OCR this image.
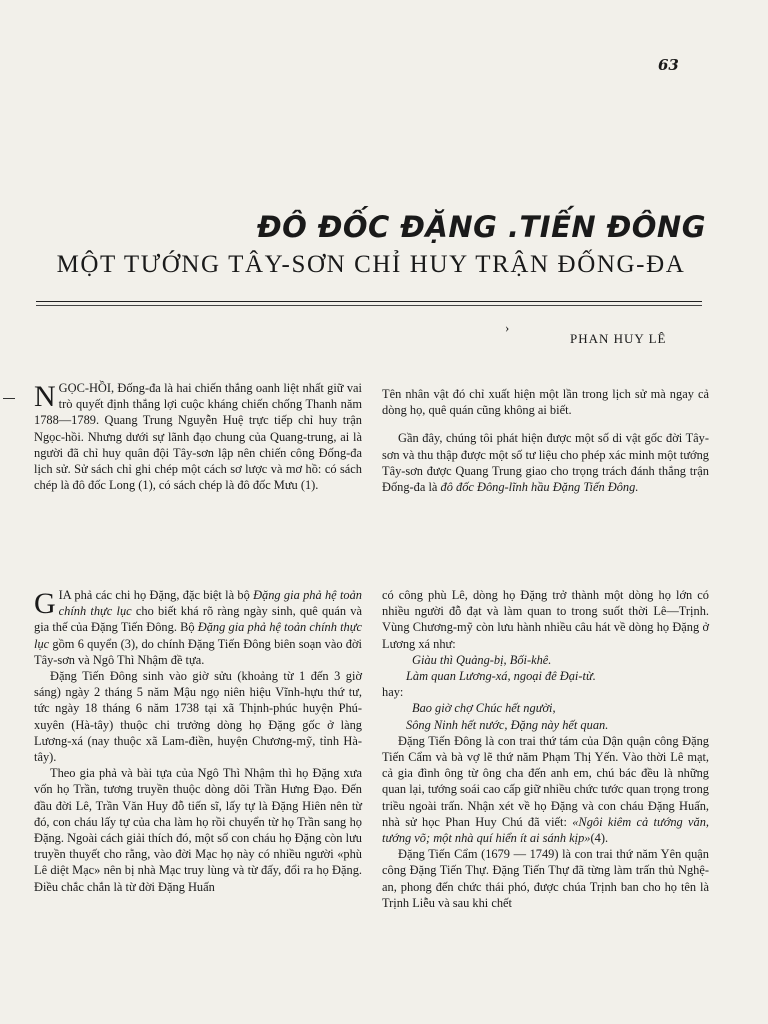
63
ĐÔ ĐỐC ĐẶNG .TIẾN ĐÔNG
MỘT TƯỚNG TÂY-SƠN CHỈ HUY TRẬN ĐỐNG-ĐA
›
PHAN HUY LÊ

NGỌC-HỒI, Đống-đa là hai chiến thắng oanh liệt nhất giữ vai trò quyết định thắng lợi cuộc kháng chiến chống Thanh năm 1788—1789. Quang Trung Nguyễn Huệ trực tiếp chỉ huy trận Ngọc-hồi. Nhưng dưới sự lãnh đạo chung của Quang-trung, ai là người đã chỉ huy quân đội Tây-sơn lập nên chiến công Đống-đa lịch sử. Sử sách chỉ ghi chép một cách sơ lược và mơ hồ: có sách chép là đô đốc Long (1), có sách chép là đô đốc Mưu (1).

Tên nhân vật đó chỉ xuất hiện một lần trong lịch sử mà ngay cả dòng họ, quê quán cũng không ai biết.

Gần đây, chúng tôi phát hiện được một số di vật gốc đời Tây-sơn và thu thập được một số tư liệu cho phép xác minh một tướng Tây-sơn được Quang Trung giao cho trọng trách đánh thắng trận Đống-đa là đô đốc Đông-lĩnh hầu Đặng Tiến Đông.

GIA phả các chi họ Đặng, đặc biệt là bộ Đặng gia phả hệ toản chính thực lục cho biết khá rõ ràng ngày sinh, quê quán và gia thế của Đặng Tiến Đông. Bộ Đặng gia phả hệ toản chính thực lục gồm 6 quyển (3), do chính Đặng Tiến Đông biên soạn vào đời Tây-sơn và Ngô Thì Nhậm đề tựa.

Đặng Tiến Đông sinh vào giờ sửu (khoảng từ 1 đến 3 giờ sáng) ngày 2 tháng 5 năm Mậu ngọ niên hiệu Vĩnh-hựu thứ tư, tức ngày 18 tháng 6 năm 1738 tại xã Thịnh-phúc huyện Phú-xuyên (Hà-tây) thuộc chi trưởng dòng họ Đặng gốc ở làng Lương-xá (nay thuộc xã Lam-điền, huyện Chương-mỹ, tỉnh Hà-tây).

Theo gia phả và bài tựa của Ngô Thì Nhậm thì họ Đặng xưa vốn họ Trần, tương truyền thuộc dòng dõi Trần Hưng Đạo. Đến đầu đời Lê, Trần Văn Huy đỗ tiến sĩ, lấy tự là Đặng Hiên nên từ đó, con cháu lấy tự của cha làm họ rồi chuyển từ họ Trần sang họ Đặng. Ngoài cách giải thích đó, một số con cháu họ Đặng còn lưu truyền thuyết cho rằng, vào đời Mạc họ này có nhiều người «phù Lê diệt Mạc» nên bị nhà Mạc truy lùng và từ đấy, đổi ra họ Đặng. Điều chắc chắn là từ đời Đặng Huấn

có công phù Lê, dòng họ Đặng trở thành một dòng họ lớn có nhiều người đỗ đạt và làm quan to trong suốt thời Lê—Trịnh. Vùng Chương-mỹ còn lưu hành nhiều câu hát về dòng họ Đặng ở Lương xá như:

Giàu thì Quảng-bị, Bối-khê.

Làm quan Lương-xá, ngoại đê Đại-từ.

hay:

Bao giờ chợ Chúc hết người,

Sông Ninh hết nước, Đặng này hết quan.

Đặng Tiến Đông là con trai thứ tám của Dận quận công Đặng Tiến Cẩm và bà vợ lẽ thứ năm Phạm Thị Yến. Vào thời Lê mạt, cả gia đình ông từ ông cha đến anh em, chú bác đều là những quan lại, tướng soái cao cấp giữ nhiều chức tước quan trọng trong triều ngoài trấn. Nhận xét về họ Đặng và con cháu Đặng Huấn, nhà sử học Phan Huy Chú đã viết: «Ngôi kiêm cả tướng văn, tướng võ; một nhà quí hiển ít ai sánh kịp»(4).

Đặng Tiến Cẩm (1679 — 1749) là con trai thứ năm Yên quận công Đặng Tiến Thự. Đặng Tiến Thự đã từng làm trấn thủ Nghệ-an, phong đến chức thái phó, được chúa Trịnh ban cho họ tên là Trịnh Liễu và sau khi chết
